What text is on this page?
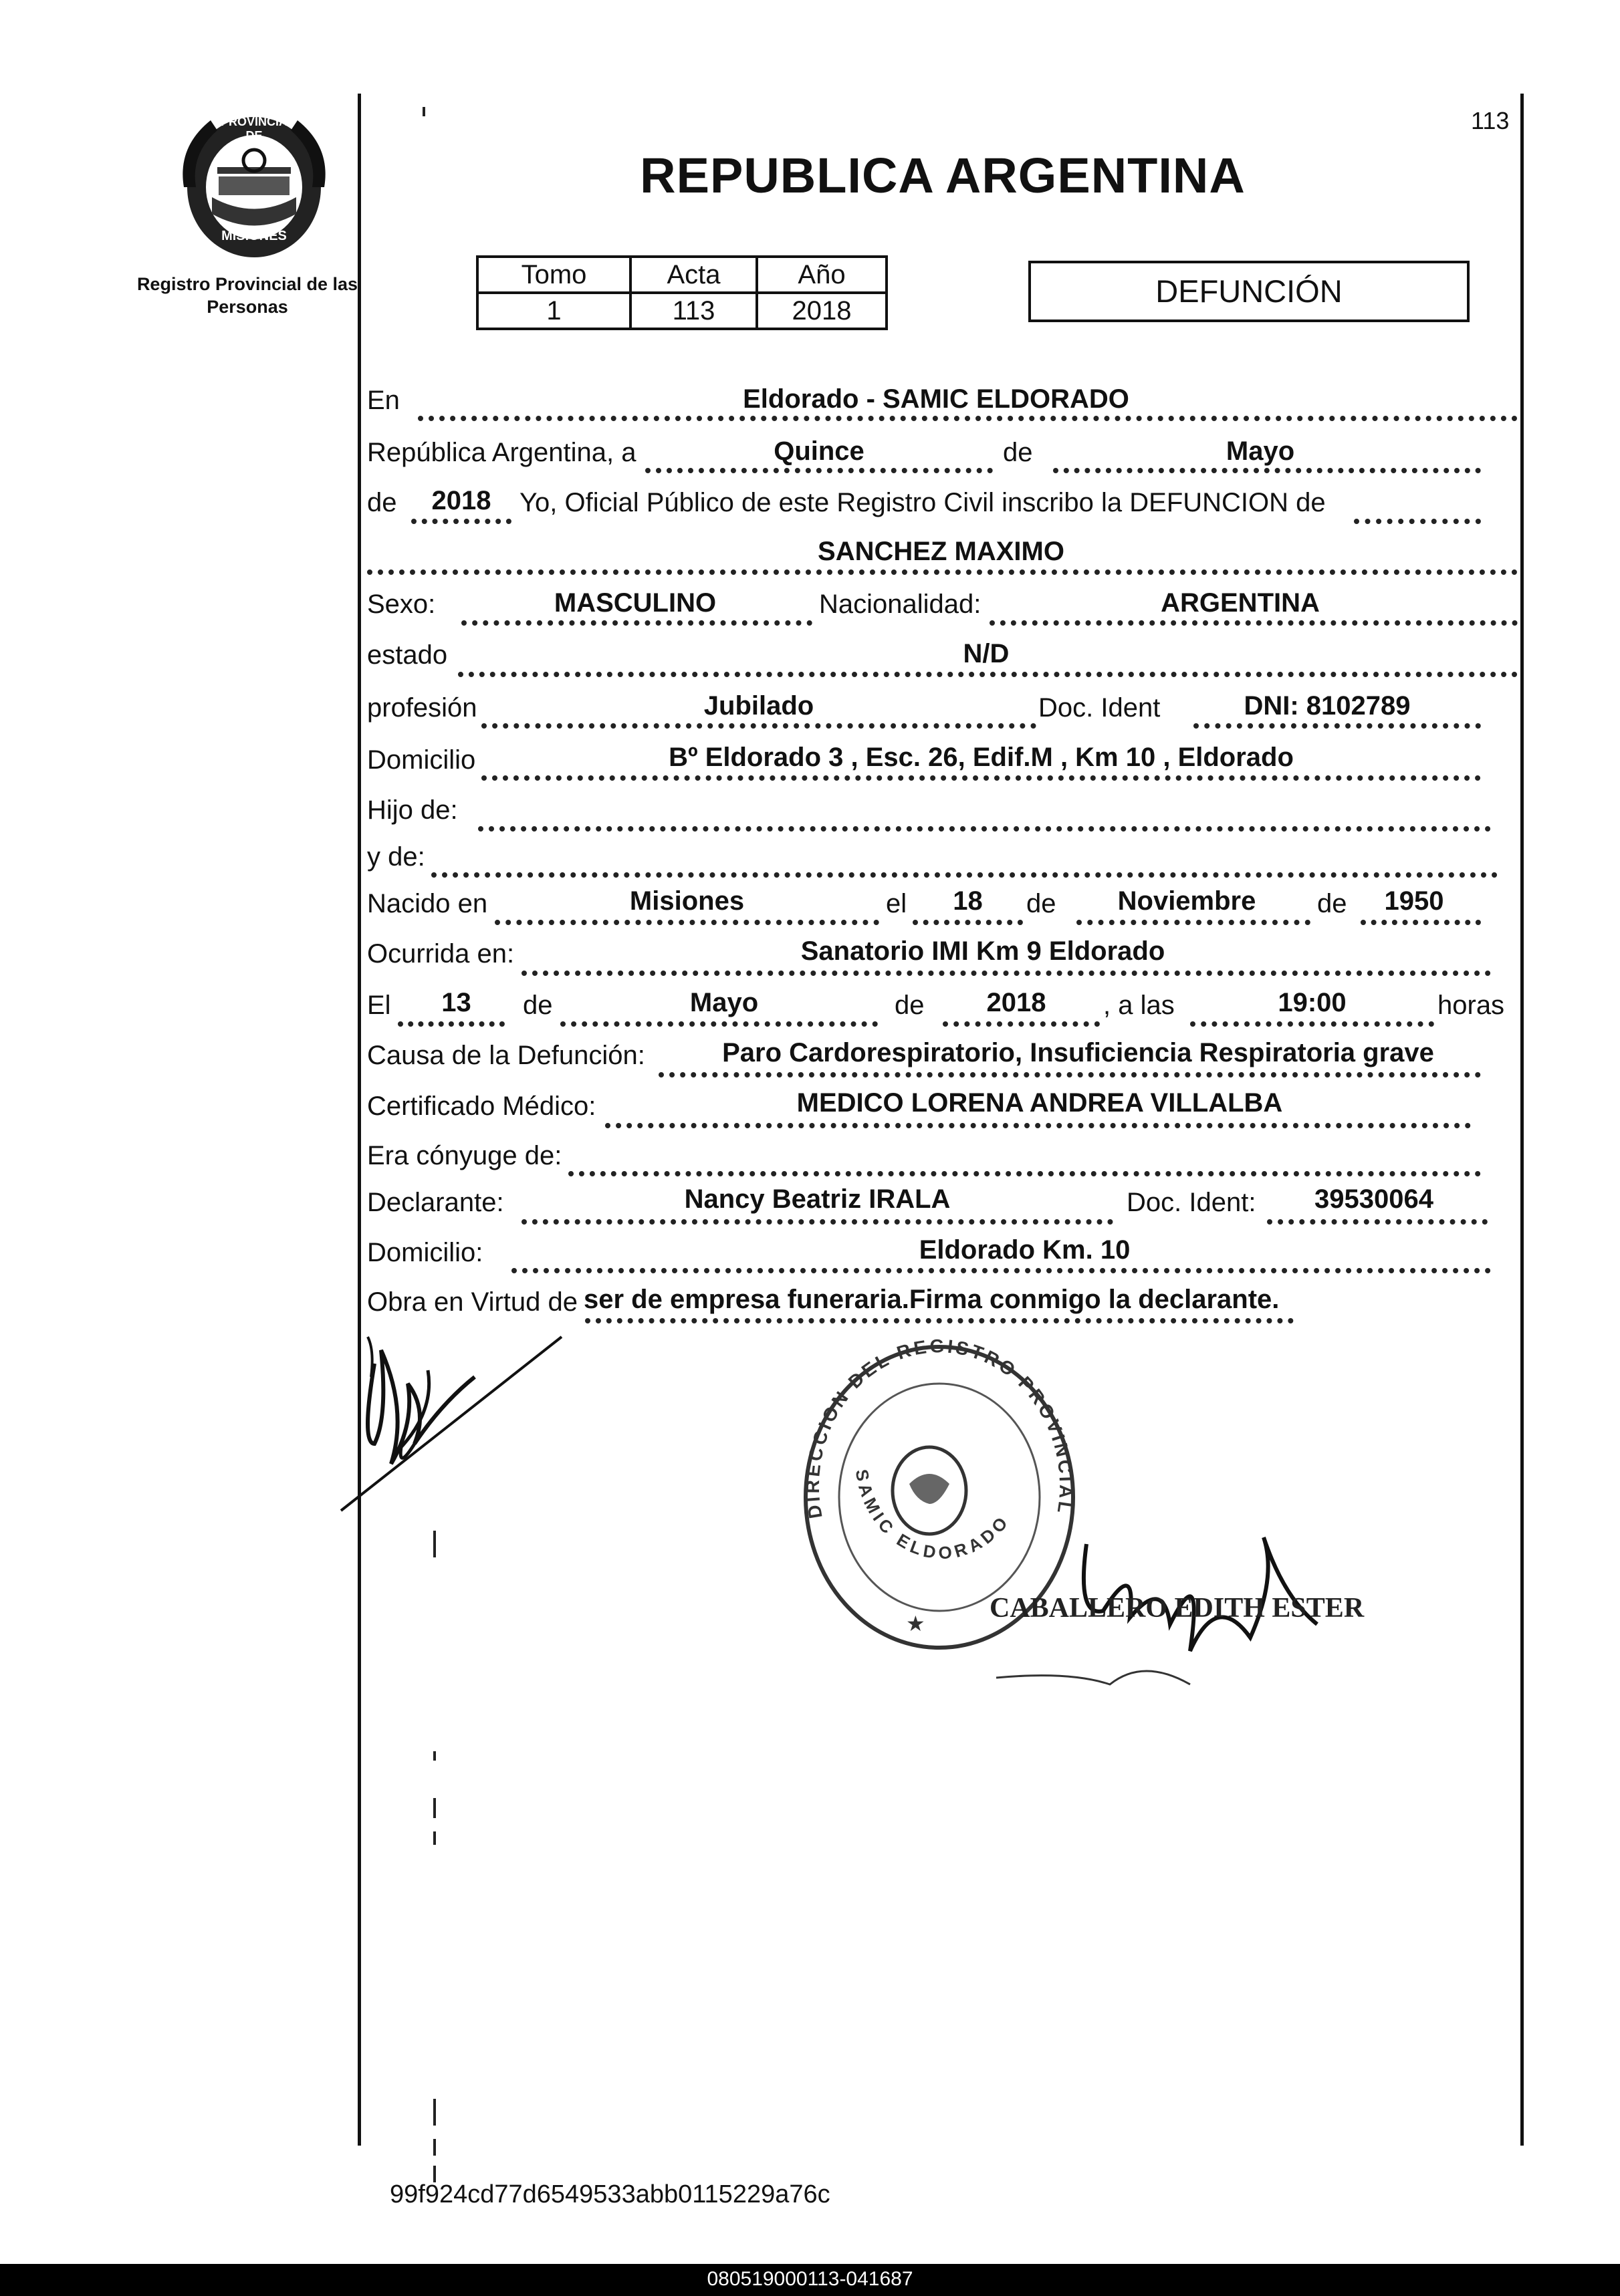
PROVINCIA DE
MISIONES
Registro Provincial de las Personas
113
REPUBLICA ARGENTINA
Tomo	Acta	Año
1	113	2018
DEFUNCIÓN
En	Eldorado - SAMIC ELDORADO
República Argentina, a	Quince	de	Mayo
de	2018	Yo, Oficial Público de este Registro Civil inscribo la DEFUNCION de
SANCHEZ MAXIMO
Sexo:	MASCULINO	Nacionalidad:	ARGENTINA
estado	N/D
profesión	Jubilado	Doc. Ident	DNI: 8102789
Domicilio	Bº Eldorado 3 , Esc. 26, Edif.M , Km 10 , Eldorado
Hijo de:
y de:
Nacido en	Misiones	el	18	de	Noviembre	de	1950
Ocurrida en:	Sanatorio IMI Km 9 Eldorado
El	13	de	Mayo	de	2018	, a las	19:00	horas
Causa de la Defunción:	Paro Cardorespiratorio, Insuficiencia Respiratoria grave
Certificado Médico:	MEDICO LORENA ANDREA VILLALBA
Era cónyuge de:
Declarante:	Nancy Beatriz IRALA	Doc. Ident:	39530064
Domicilio:	Eldorado Km. 10
Obra en Virtud de ser de empresa funeraria.Firma conmigo la declarante.
DIRECCION DEL REGISTRO PROVINCIAL
SAMIC ELDORADO
★ CABALLERO EDITH ESTER
99f924cd77d6549533abb0115229a76c
080519000113-041687
